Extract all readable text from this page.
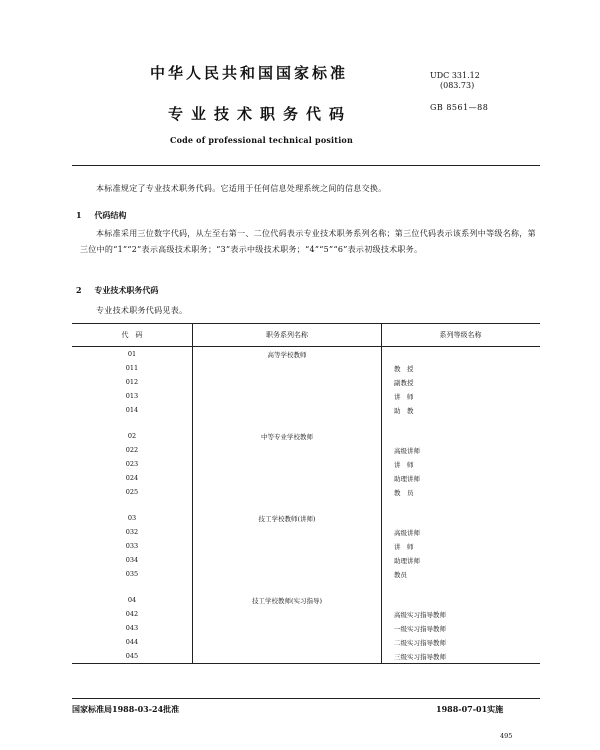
中华人民共和国国家标准
专业技术职务代码
Code of professional technical position
UDC 331.12
(083.73)
GB 8561—88
本标准规定了专业技术职务代码。它适用于任何信息处理系统之间的信息交换。
1 代码结构
本标准采用三位数字代码，从左至右第一、二位代码表示专业技术职务系列名称；第三位代码表示该系列中等级名称，第三位中的“1”“2”表示高级技术职务；“3”表示中级技术职务；“4”“5”“6”表示初级技术职务。
2 专业技术职务代码
专业技术职务代码见表。
代　码	职务系列名称	系列等级名称
01	高等学校教师	
011		教　授
012		副教授
013		讲　师
014		助　教

02	中等专业学校教师	
022		高级讲师
023		讲　师
024		助理讲师
025		教　员

03	技工学校教师(讲师)	
032		高级讲师
033		讲　师
034		助理讲师
035		教员

04	技工学校教师(实习指导)	
042		高级实习指导教师
043		一级实习指导教师
044		二级实习指导教师
045		三级实习指导教师
国家标准局1988-03-24批准	1988-07-01实施
495
